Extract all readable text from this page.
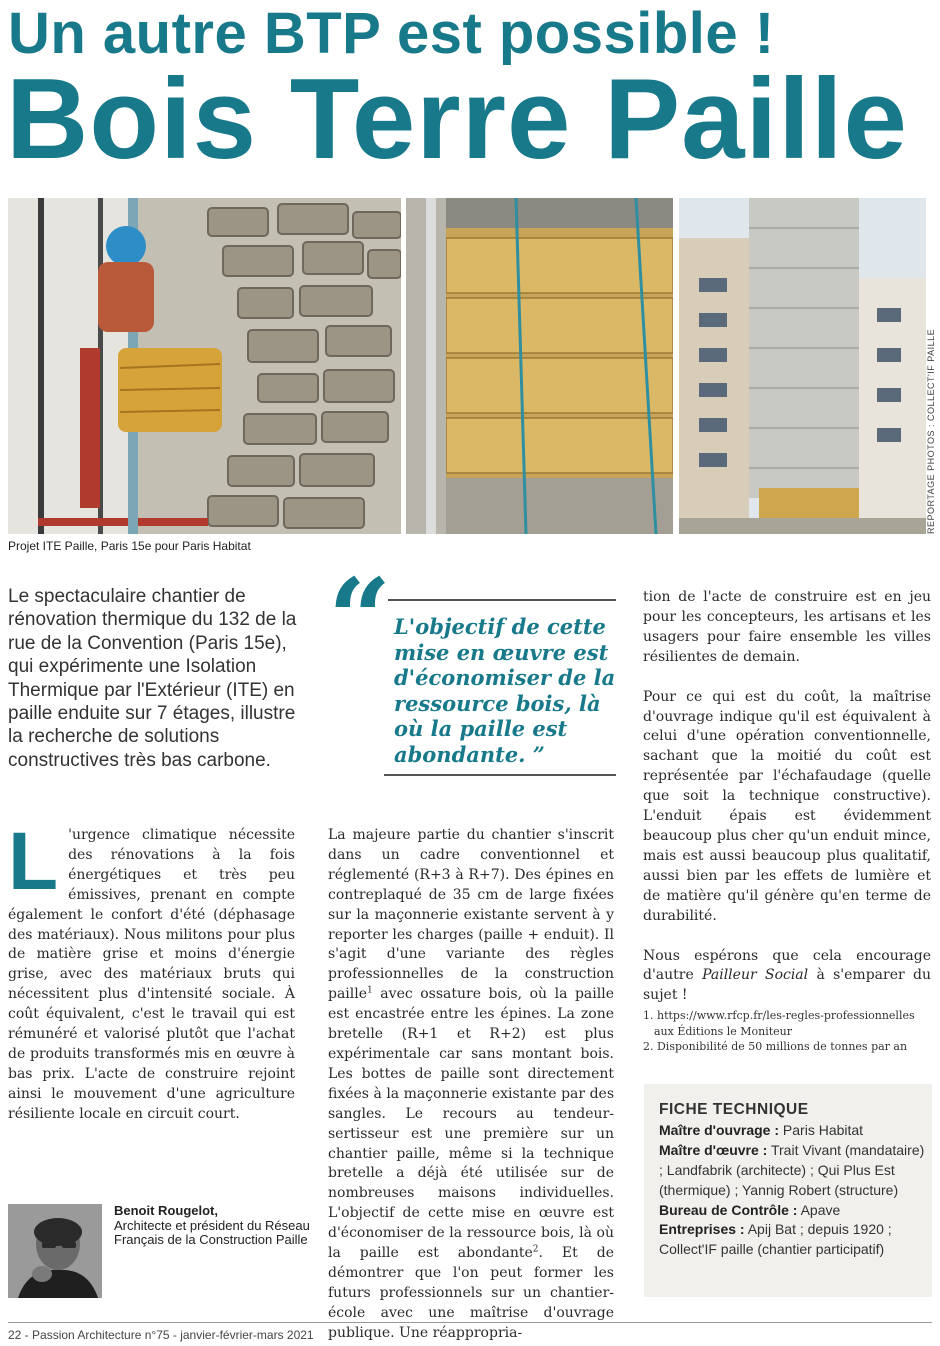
Un autre BTP est possible !
Bois Terre Paille
REPORTAGE PHOTOS : COLLECT'IF PAILLE
Projet ITE Paille, Paris 15e pour Paris Habitat
Le spectaculaire chantier de rénovation thermique du 132 de la rue de la Convention (Paris 15e), qui expérimente une Isolation Thermique par l'Extérieur (ITE) en paille enduite sur 7 étages, illustre la recherche de solutions constructives très bas carbone.
“ L'objectif de cette mise en œuvre est d'économiser de la ressource bois, là où la paille est abondante. ”
L 'urgence climatique nécessite des rénovations à la fois énergétiques et très peu émissives, prenant en compte également le confort d'été (déphasage des matériaux). Nous militons pour plus de matière grise et moins d'énergie grise, avec des matériaux bruts qui nécessitent plus d'intensité sociale. À coût équivalent, c'est le travail qui est rémunéré et valorisé plutôt que l'achat de produits transformés mis en œuvre à bas prix. L'acte de construire rejoint ainsi le mouvement d'une agriculture résiliente locale en circuit court.
La majeure partie du chantier s'inscrit dans un cadre conventionnel et réglementé (R+3 à R+7). Des épines en contreplaqué de 35 cm de large fixées sur la maçonnerie existante servent à y reporter les charges (paille + enduit). Il s'agit d'une variante des règles professionnelles de la construction paille$^1$ avec ossature bois, où la paille est encastrée entre les épines. La zone bretelle (R+1 et R+2) est plus expérimentale car sans montant bois. Les bottes de paille sont directement fixées à la maçonnerie existante par des sangles. Le recours au tendeur-sertisseur est une première sur un chantier paille, même si la technique bretelle a déjà été utilisée sur de nombreuses maisons individuelles. L'objectif de cette mise en œuvre est d'économiser de la ressource bois, là où la paille est abondante$^2$. Et de démontrer que l'on peut former les futurs professionnels sur un chantier-école avec une maîtrise d'ouvrage publique. Une réappropria-

tion de l'acte de construire est en jeu pour les concepteurs, les artisans et les usagers pour faire ensemble les villes résilientes de demain.

Pour ce qui est du coût, la maîtrise d'ouvrage indique qu'il est équivalent à celui d'une opération conventionnelle, sachant que la moitié du coût est représentée par l'échafaudage (quelle que soit la technique constructive). L'enduit épais est évidemment beaucoup plus cher qu'un enduit mince, mais est aussi beaucoup plus qualitatif, aussi bien par les effets de lumière et de matière qu'il génère qu'en terme de durabilité.

Nous espérons que cela encourage d'autre Pailleur Social à s'emparer du sujet !

1. https://www.rfcp.fr/les-regles-professionnelles
aux Éditions le Moniteur
2. Disponibilité de 50 millions de tonnes par an
FICHE TECHNIQUE
Maître d'ouvrage : Paris Habitat
Maître d'œuvre : Trait Vivant (mandataire) ; Landfabrik (architecte) ; Qui Plus Est (thermique) ; Yannig Robert (structure)
Bureau de Contrôle : Apave
Entreprises : Apij Bat ; depuis 1920 ; Collect'IF paille (chantier participatif)
Benoit Rougelot,
Architecte et président du Réseau Français de la Construction Paille
22 - Passion Architecture n°75 - janvier-février-mars 2021
